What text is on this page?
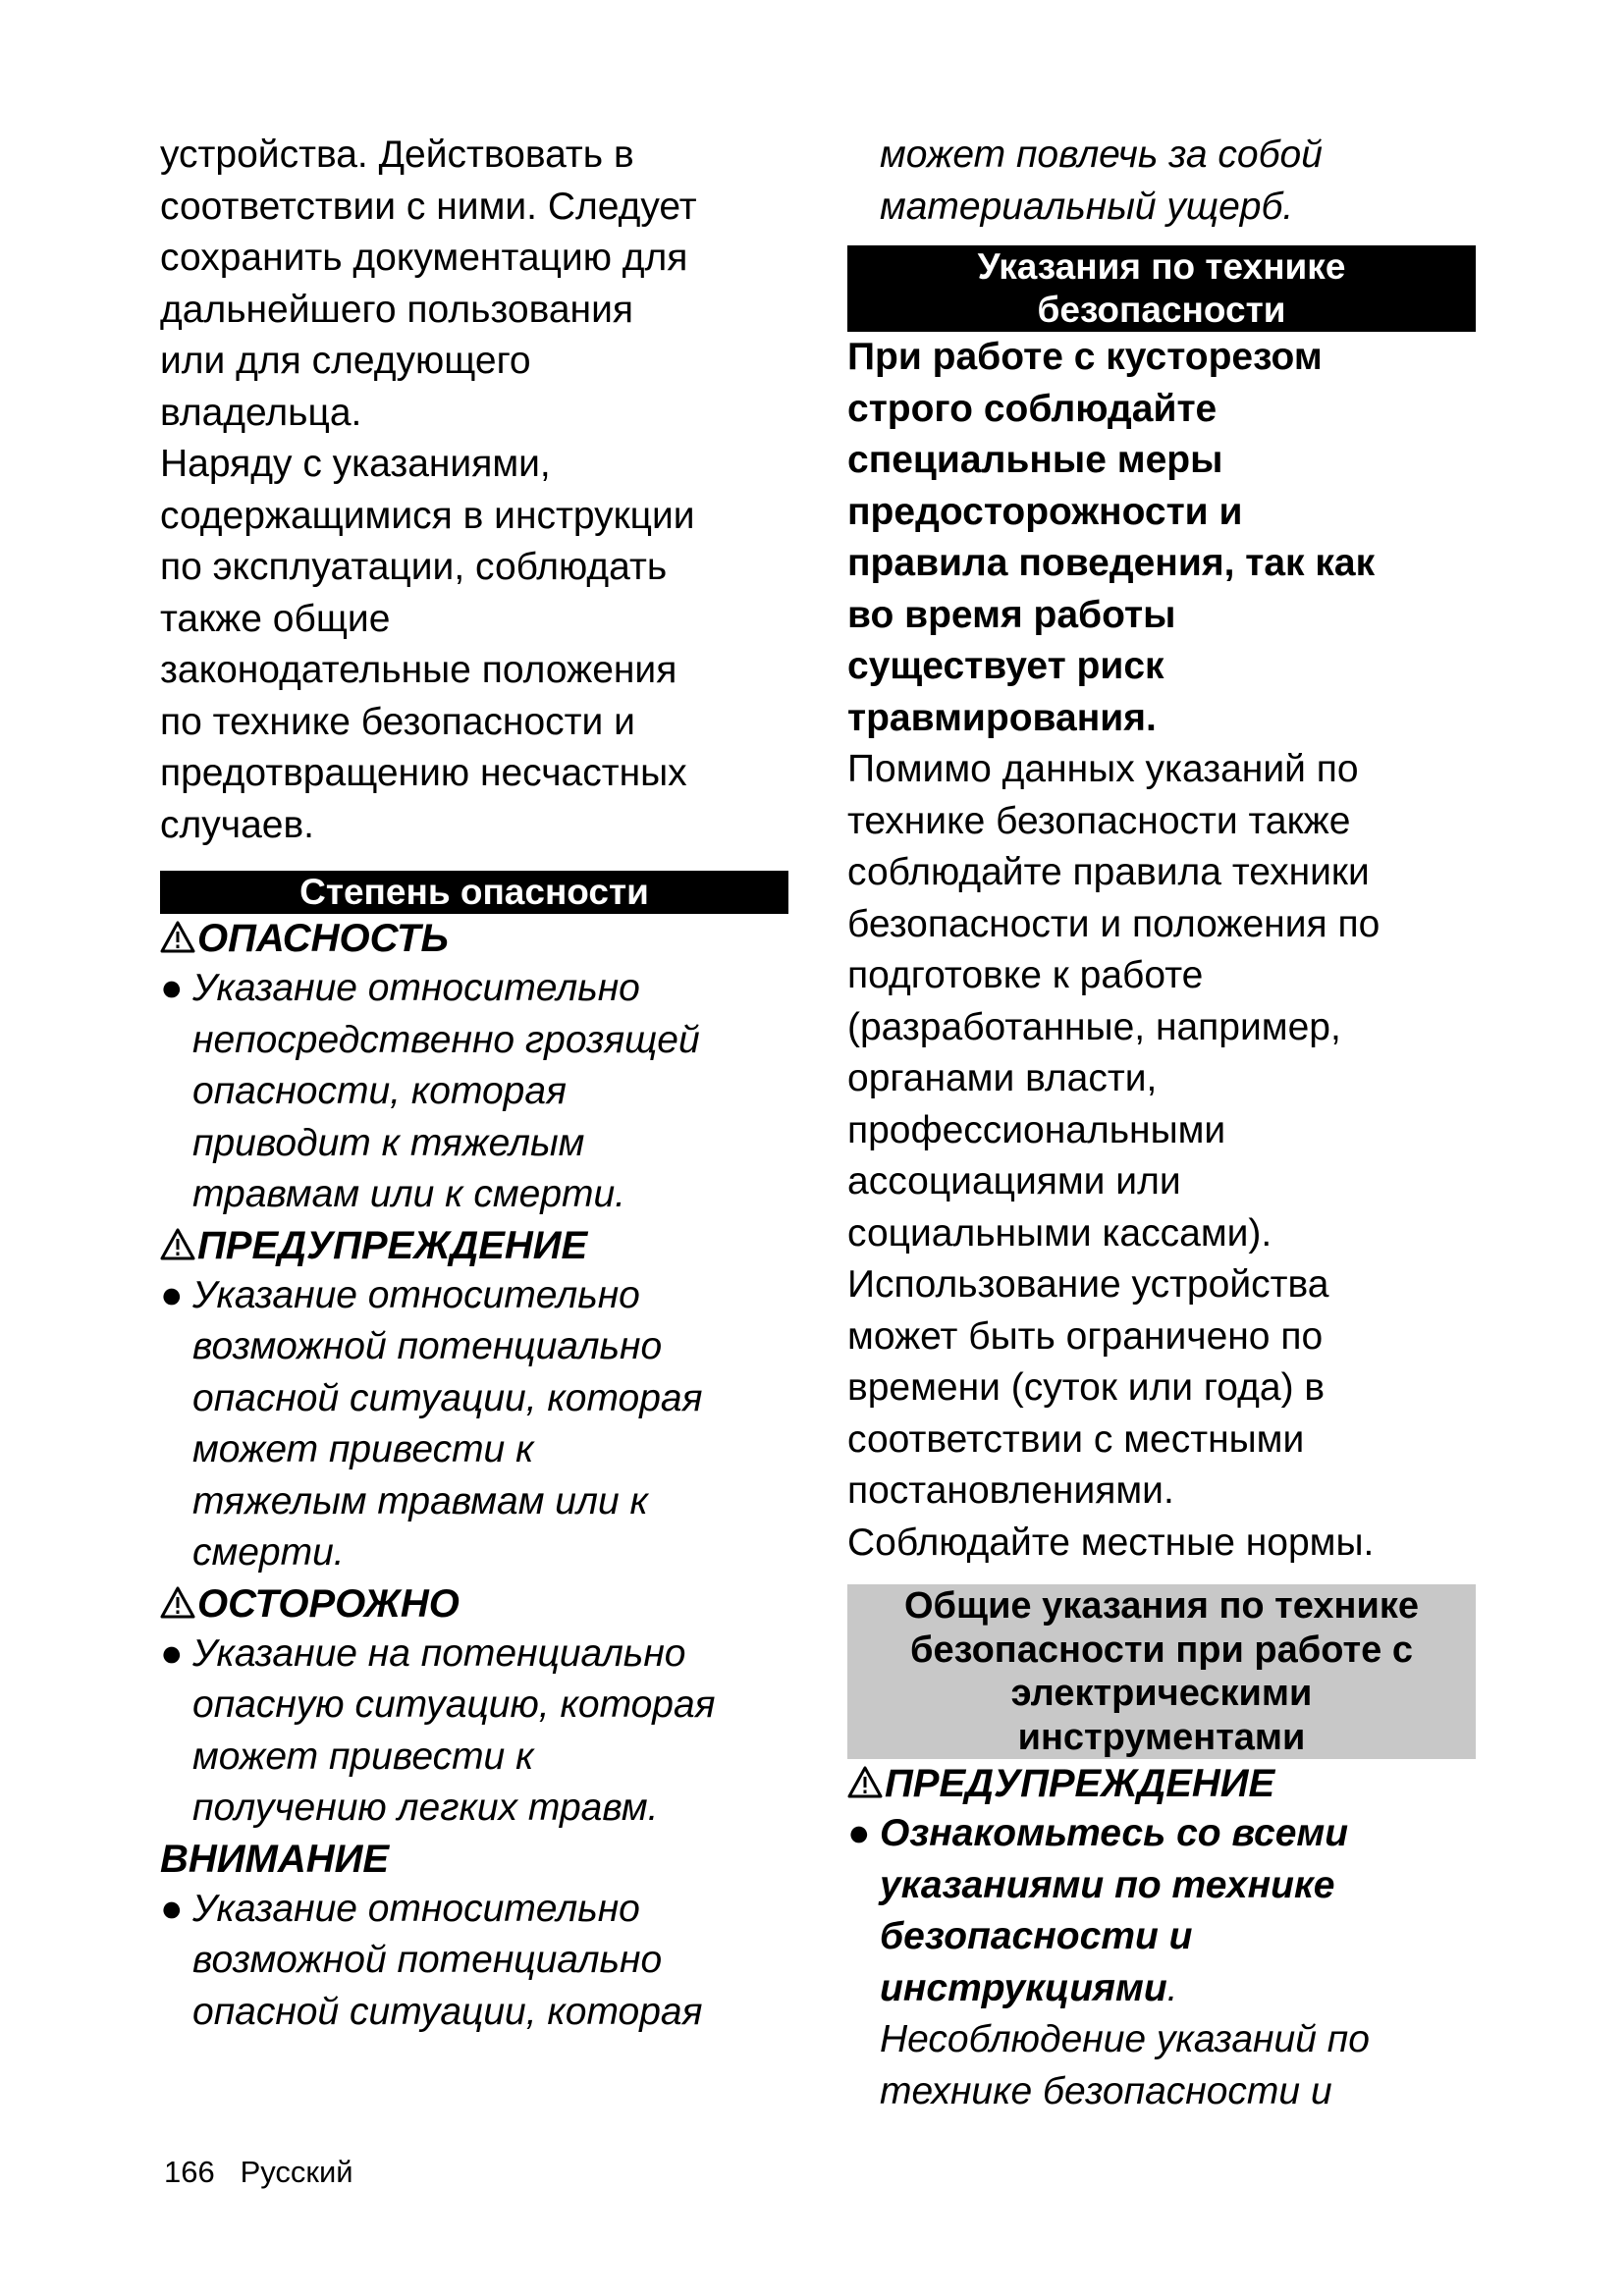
устройства. Действовать в
соответствии с ними. Следует
сохранить документацию для
дальнейшего пользования
или для следующего
владельца.
Наряду с указаниями,
содержащимися в инструкции
по эксплуатации, соблюдать
также общие
законодательные положения
по технике безопасности и
предотвращению несчастных
случаев.
Степень опасности
ОПАСНОСТЬ
● Указание относительно
непосредственно грозящей
опасности, которая
приводит к тяжелым
травмам или к смерти.
ПРЕДУПРЕЖДЕНИЕ
● Указание относительно
возможной потенциально
опасной ситуации, которая
может привести к
тяжелым травмам или к
смерти.
ОСТОРОЖНО
● Указание на потенциально
опасную ситуацию, которая
может привести к
получению легких травм.
ВНИМАНИЕ
● Указание относительно
возможной потенциально
опасной ситуации, которая
может повлечь за собой
материальный ущерб.
Указания по технике
безопасности
При работе с кусторезом
строго соблюдайте
специальные меры
предосторожности и
правила поведения, так как
во время работы
существует риск
травмирования.
Помимо данных указаний по
технике безопасности также
соблюдайте правила техники
безопасности и положения по
подготовке к работе
(разработанные, например,
органами власти,
профессиональными
ассоциациями или
социальными кассами).
Использование устройства
может быть ограничено по
времени (суток или года) в
соответствии с местными
постановлениями.
Соблюдайте местные нормы.
Общие указания по технике
безопасности при работе с
электрическими
инструментами
ПРЕДУПРЕЖДЕНИЕ
● Ознакомьтесь со всеми
указаниями по технике
безопасности и
инструкциями.
Несоблюдение указаний по
технике безопасности и
166 Русский
